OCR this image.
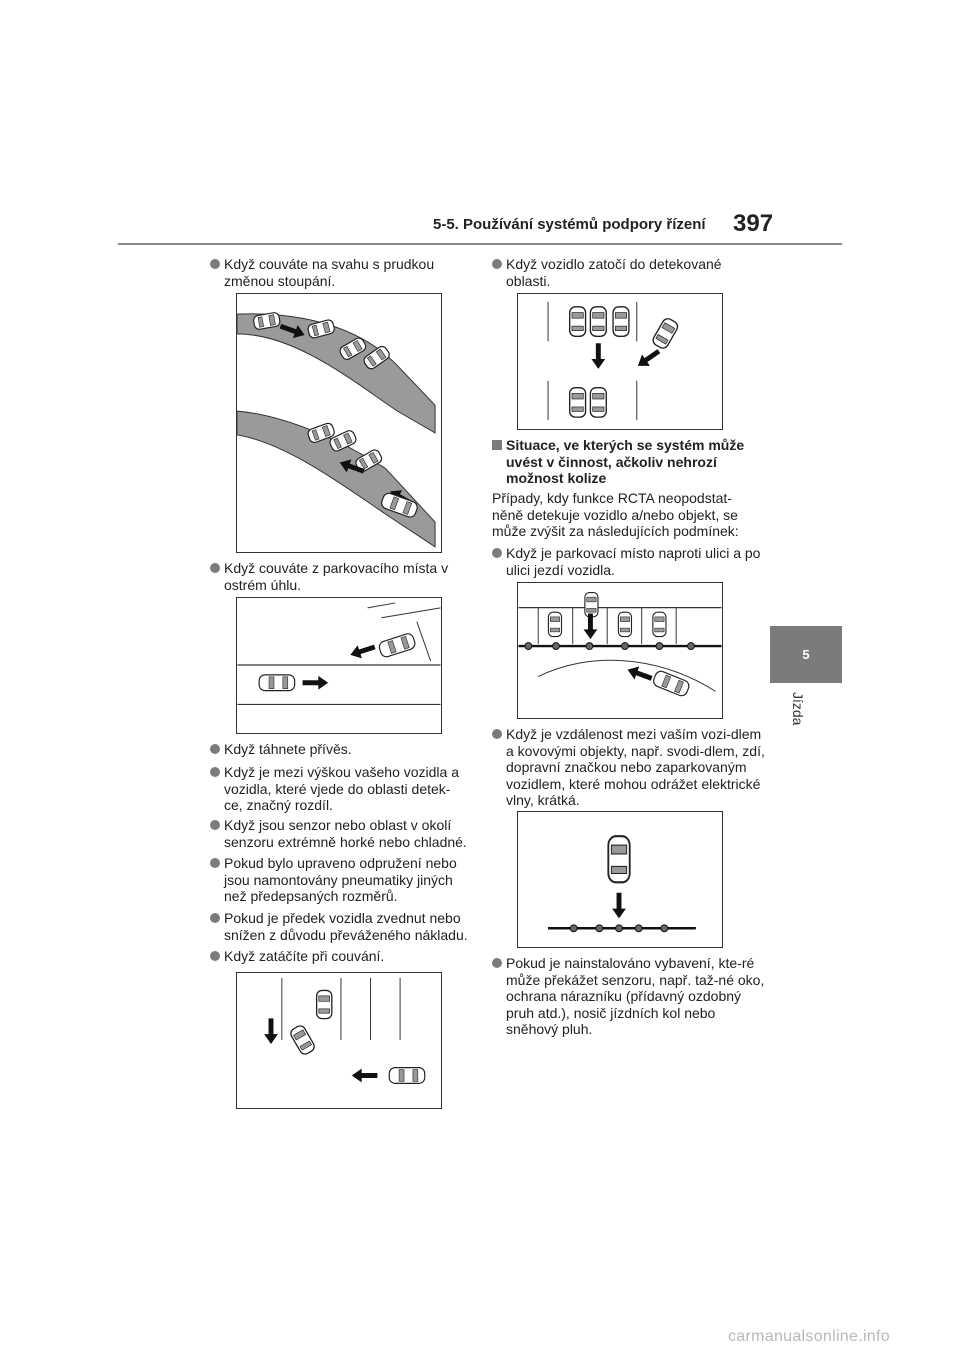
5-5. Používání systémů podpory řízení 397
5
Jízda
Když couváte na svahu s prudkou změnou stoupání.
Když couváte z parkovacího místa v ostrém úhlu.
Když táhnete přívěs.
Když je mezi výškou vašeho vozidla a vozidla, které vjede do oblasti detek-ce, značný rozdíl.
Když jsou senzor nebo oblast v okolí senzoru extrémně horké nebo chladné.
Pokud bylo upraveno odpružení nebo jsou namontovány pneumatiky jiných než předepsaných rozměrů.
Pokud je předek vozidla zvednut nebo snížen z důvodu převáženého nákladu.
Když zatáčíte při couvání.
Když vozidlo zatočí do detekované oblasti.
Situace, ve kterých se systém může uvést v činnost, ačkoliv nehrozí možnost kolize
Případy, kdy funkce RCTA neopodstat-něně detekuje vozidlo a/nebo objekt, se může zvýšit za následujících podmínek:
Když je parkovací místo naproti ulici a po ulici jezdí vozidla.
Když je vzdálenost mezi vaším vozi-dlem a kovovými objekty, např. svodi-dlem, zdí, dopravní značkou nebo zaparkovaným vozidlem, které mohou odrážet elektrické vlny, krátká.
Pokud je nainstalováno vybavení, kte-ré může překážet senzoru, např. taž-né oko, ochrana nárazníku (přídavný ozdobný pruh atd.), nosič jízdních kol nebo sněhový pluh.
carmanualsonline.info
